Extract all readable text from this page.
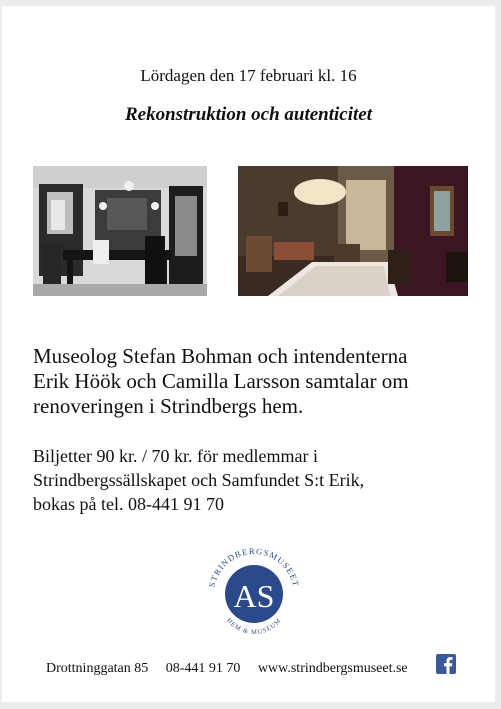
Lördagen den 17 februari kl. 16
Rekonstruktion och autenticitet
Museolog Stefan Bohman och intendenterna
Erik Höök och Camilla Larsson samtalar om
renoveringen i Strindbergs hem.
Biljetter 90 kr. / 70 kr. för medlemmar i
Strindbergssällskapet och Samfundet S:t Erik,
bokas på tel. 08-441 91 70
STRINDBERGSMUSEET
HEM & MUSEUM
AS
Drottninggatan 85 08-441 91 70 www.strindbergsmuseet.se
